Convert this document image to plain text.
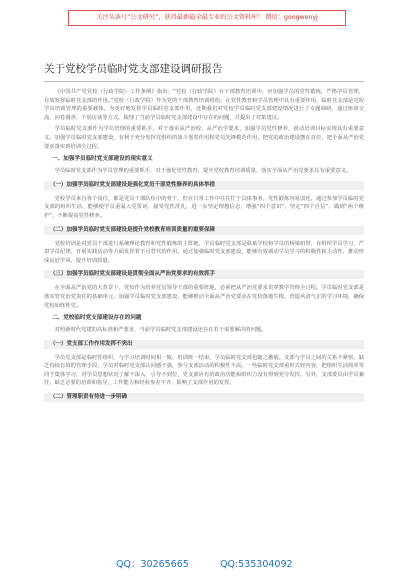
关注头条号“公文研究”，获得最新最全最专业的公文资料库！ 微信：gongwenyj
关于党校学员临时党支部建设调研报告

《中国共产党党校（行政学院）工作条例》指出：“党校（行政学院）在干部教育培训中，应加强学员的党性锻炼，严格学员管理，有效发挥临时党支部的作用。”党校（行政学院）作为党的干部教育培训机构，在党性教育和学员管理中具有重要作用，临时党支部是党校学员培训管理的重要载体。为更好地发挥学员临时党支部作用，近期我们对党校学员临时党支部建设情况进行了专题调研，通过座谈交流、问卷调查、个别访谈等方式，梳理了当前学员临时党支部建设中存在的问题，并提出了对策建议。

学员临时党支部作为学员管理的重要抓手，对于落实从严治校、从严治学要求，加强学员党性修养，推动培训目标实现具有重要意义。加强学员临时党支部建设，有利于充分发挥党组织的战斗堡垒作用和党员先锋模范作用，把党的政治建设摆在首位，把全面从严治党要求落实到培训全过程。

一、加强学员临时党支部建设的现实意义

学员临时党支部作为学员管理的重要抓手，对于强化党性教育、提升党校教育培训质量、落实全面从严治党要求具有重要意义。

（一）加强学员临时党支部建设是强化党员干部党性修养的具体举措

党校学员来自各个岗位，都是党员干部队伍中的骨干，但在日常工作中往往忙于具体事务，党性锻炼容易弱化。通过参加学员临时党支部的组织生活，能够使学员重温入党誓词、接受党性洗礼，进一步坚定理想信念，增强“四个意识”、坚定“四个自信”、做到“两个维护”，不断提高党性修养。

（二）加强学员临时党支部建设是提升党校教育培训质量的重要保障

党校培训是对党员干部进行系统理论教育和党性锻炼的主阵地，学员临时党支部是联系学校和学员的桥梁纽带，在组织学员学习、严肃学员纪律、开展实践活动等方面发挥着不可替代的作用。通过加强临时党支部建设，能够有效调动学员学习的积极性和主动性，推动形成良好学风，提升培训质量。

（三）加强学员临时党支部建设是贯彻全面从严治党要求的有效抓手

在全面从严治党的大背景下，党校作为培养党员领导干部的重要阵地，必须把从严治党要求贯穿教学管理全过程。学员临时党支部是落实管党治党责任的基础单元，加强学员临时党支部建设，能够推动全面从严治党要求在党校落地生根，营造风清气正的学习环境，确保党校始终姓党。

二、党校临时党支部建设存在的问题

对照新时代党建的高标准和严要求，当前学员临时党支部建设还存在若干需要解决的问题。

（一）党支部工作作用发挥不突出

学员党支部是临时性组织，与学习培训时间相一致，培训班一结束，学员临时党支部也随之撤销。支部与学员之间的关系不紧密，缺乏持续有效的管理手段，学员对临时党支部认同感不强，参与支部活动的积极性不高。一些临时党支部重形式轻内容，把组织生活简单等同于集体学习，对学员思想状况了解不深入、引导不到位，党支部应有的政治功能和组织力没有得到充分发挥。另外，支部委员由学员兼任，缺乏必要的培训和指导，工作能力和经验参差不齐，影响了支部作用的发挥。

（二）管理职责有待进一步明确
QQ：30265665	QQ:535304092
